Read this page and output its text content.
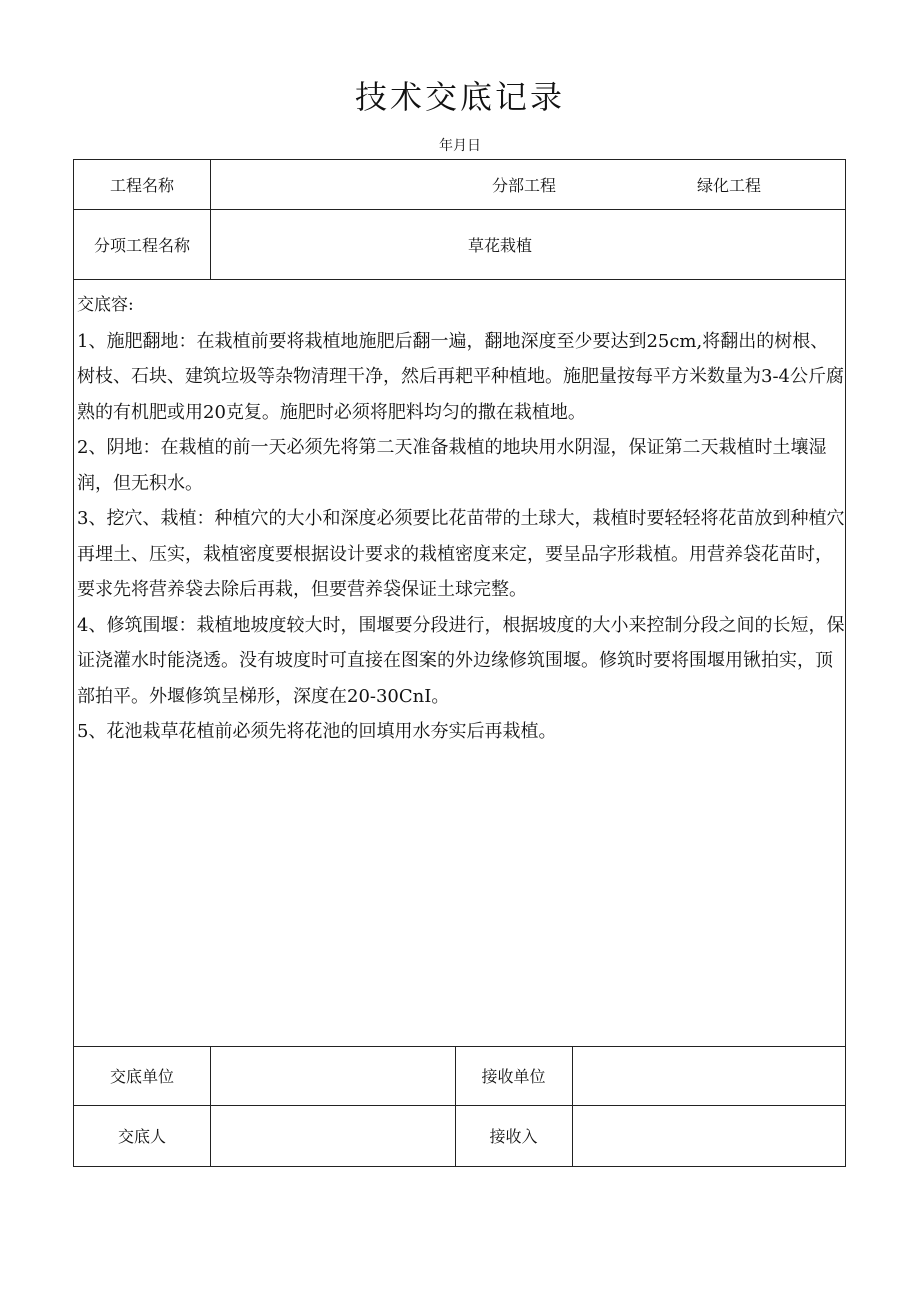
技术交底记录
年月日
工程名称	分部工程	绿化工程
分项工程名称	草花栽植

交底容:

1、施肥翻地：在栽植前要将栽植地施肥后翻一遍，翻地深度至少要达到25cm,将翻出的树根、树枝、石块、建筑垃圾等杂物清理干净，然后再耙平种植地。施肥量按每平方米数量为3-4公斤腐熟的有机肥或用20克复。施肥时必须将肥料均匀的撒在栽植地。

2、阴地：在栽植的前一天必须先将第二天准备栽植的地块用水阴湿，保证第二天栽植时土壤湿润，但无积水。

3、挖穴、栽植：种植穴的大小和深度必须要比花苗带的土球大，栽植时要轻轻将花苗放到种植穴再埋土、压实，栽植密度要根据设计要求的栽植密度来定，要呈品字形栽植。用营养袋花苗时，要求先将营养袋去除后再栽，但要营养袋保证土球完整。

4、修筑围堰：栽植地坡度较大时，围堰要分段进行，根据坡度的大小来控制分段之间的长短，保证浇灌水时能浇透。没有坡度时可直接在图案的外边缘修筑围堰。修筑时要将围堰用锹拍实，顶部拍平。外堰修筑呈梯形，深度在20-30CnI。

5、花池栽草花植前必须先将花池的回填用水夯实后再栽植。

交底单位	接收单位
交底人	接收入
